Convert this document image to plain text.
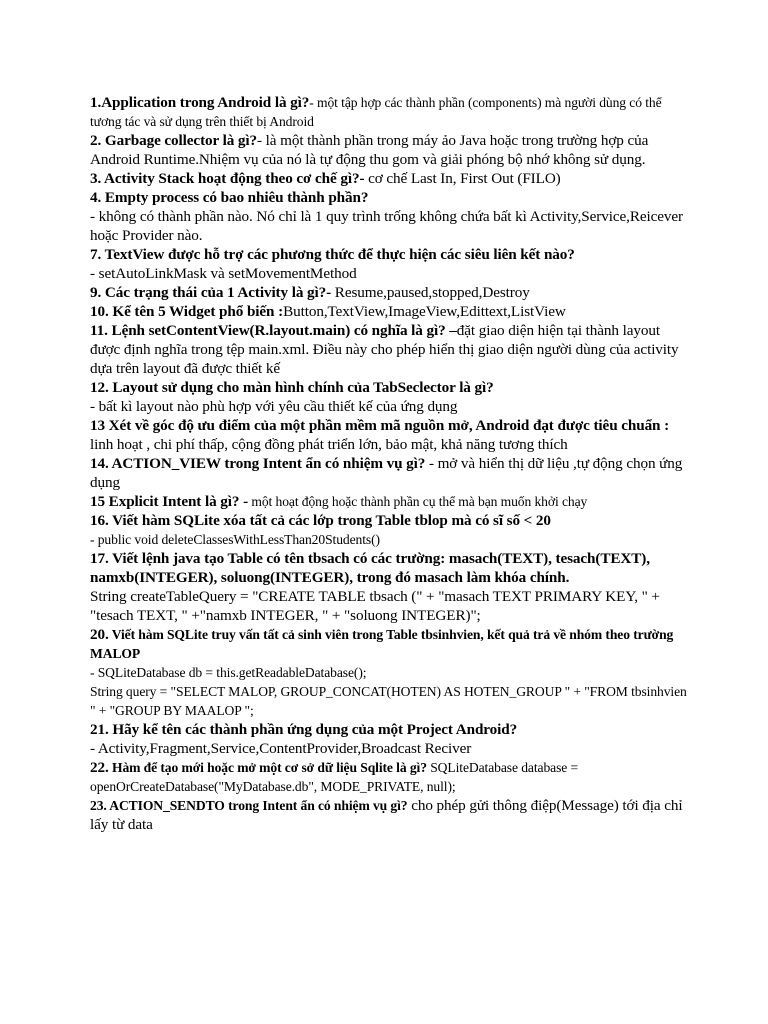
1.Application trong Android là gì?- một tập hợp các thành phần (components) mà người dùng có thể tương tác và sử dụng trên thiết bị Android

2. Garbage collector là gì?- là một thành phần trong máy ảo Java hoặc trong trường hợp của Android Runtime.Nhiệm vụ của nó là tự động thu gom và giải phóng bộ nhớ không sử dụng.

3. Activity Stack hoạt động theo cơ chế gì?- cơ chế Last In, First Out (FILO)

4. Empty process có bao nhiêu thành phần?

- không có thành phần nào. Nó chỉ là 1 quy trình trống không chứa bất kì Activity,Service,Reicever hoặc Provider nào.

7. TextView được hỗ trợ các phương thức để thực hiện các siêu liên kết nào?

- setAutoLinkMask và setMovementMethod

9. Các trạng thái của 1 Activity là gì?- Resume,paused,stopped,Destroy

10. Kể tên 5 Widget phổ biến :Button,TextView,ImageView,Edittext,ListView

11. Lệnh setContentView(R.layout.main) có nghĩa là gì? –đặt giao diện hiện tại thành layout được định nghĩa trong tệp main.xml. Điều này cho phép hiển thị giao diện người dùng của activity dựa trên layout đã được thiết kế

12. Layout sử dụng cho màn hình chính của TabSeclector là gì?

- bất kì layout nào phù hợp với yêu cầu thiết kế của ứng dụng

13 Xét về góc độ ưu điểm của một phần mềm mã nguồn mở, Android đạt được tiêu chuẩn : linh hoạt , chi phí thấp, cộng đồng phát triển lớn, bảo mật, khả năng tương thích

14. ACTION_VIEW trong Intent ẩn có nhiệm vụ gì? - mở và hiển thị dữ liệu ,tự động chọn ứng dụng

15 Explicit Intent là gì? - một hoạt động hoặc thành phần cụ thể mà bạn muốn khởi chạy

16. Viết hàm SQLite xóa tất cả các lớp trong Table tblop mà có sĩ số < 20

- public void deleteClassesWithLessThan20Students()

17. Viết lệnh java tạo Table có tên tbsach có các trường: masach(TEXT), tesach(TEXT), namxb(INTEGER), soluong(INTEGER), trong đó masach làm khóa chính.

String createTableQuery = "CREATE TABLE tbsach (" + "masach TEXT PRIMARY KEY, " + "tesach TEXT, " +"namxb INTEGER, " + "soluong INTEGER)";

20. Viết hàm SQLite truy vấn tất cả sinh viên trong Table tbsinhvien, kết quả trả về nhóm theo trường MALOP

- SQLiteDatabase db = this.getReadableDatabase();

String query = "SELECT MALOP, GROUP_CONCAT(HOTEN) AS HOTEN_GROUP " + "FROM tbsinhvien " + "GROUP BY MAALOP ";

21. Hãy kể tên các thành phần ứng dụng của một Project Android?

- Activity,Fragment,Service,ContentProvider,Broadcast Reciver

22. Hàm để tạo mới hoặc mở một cơ sở dữ liệu Sqlite là gì? SQLiteDatabase database = openOrCreateDatabase("MyDatabase.db", MODE_PRIVATE, null);

23. ACTION_SENDTO trong Intent ẩn có nhiệm vụ gì? cho phép gửi thông điệp(Message) tới địa chỉ lấy từ data
